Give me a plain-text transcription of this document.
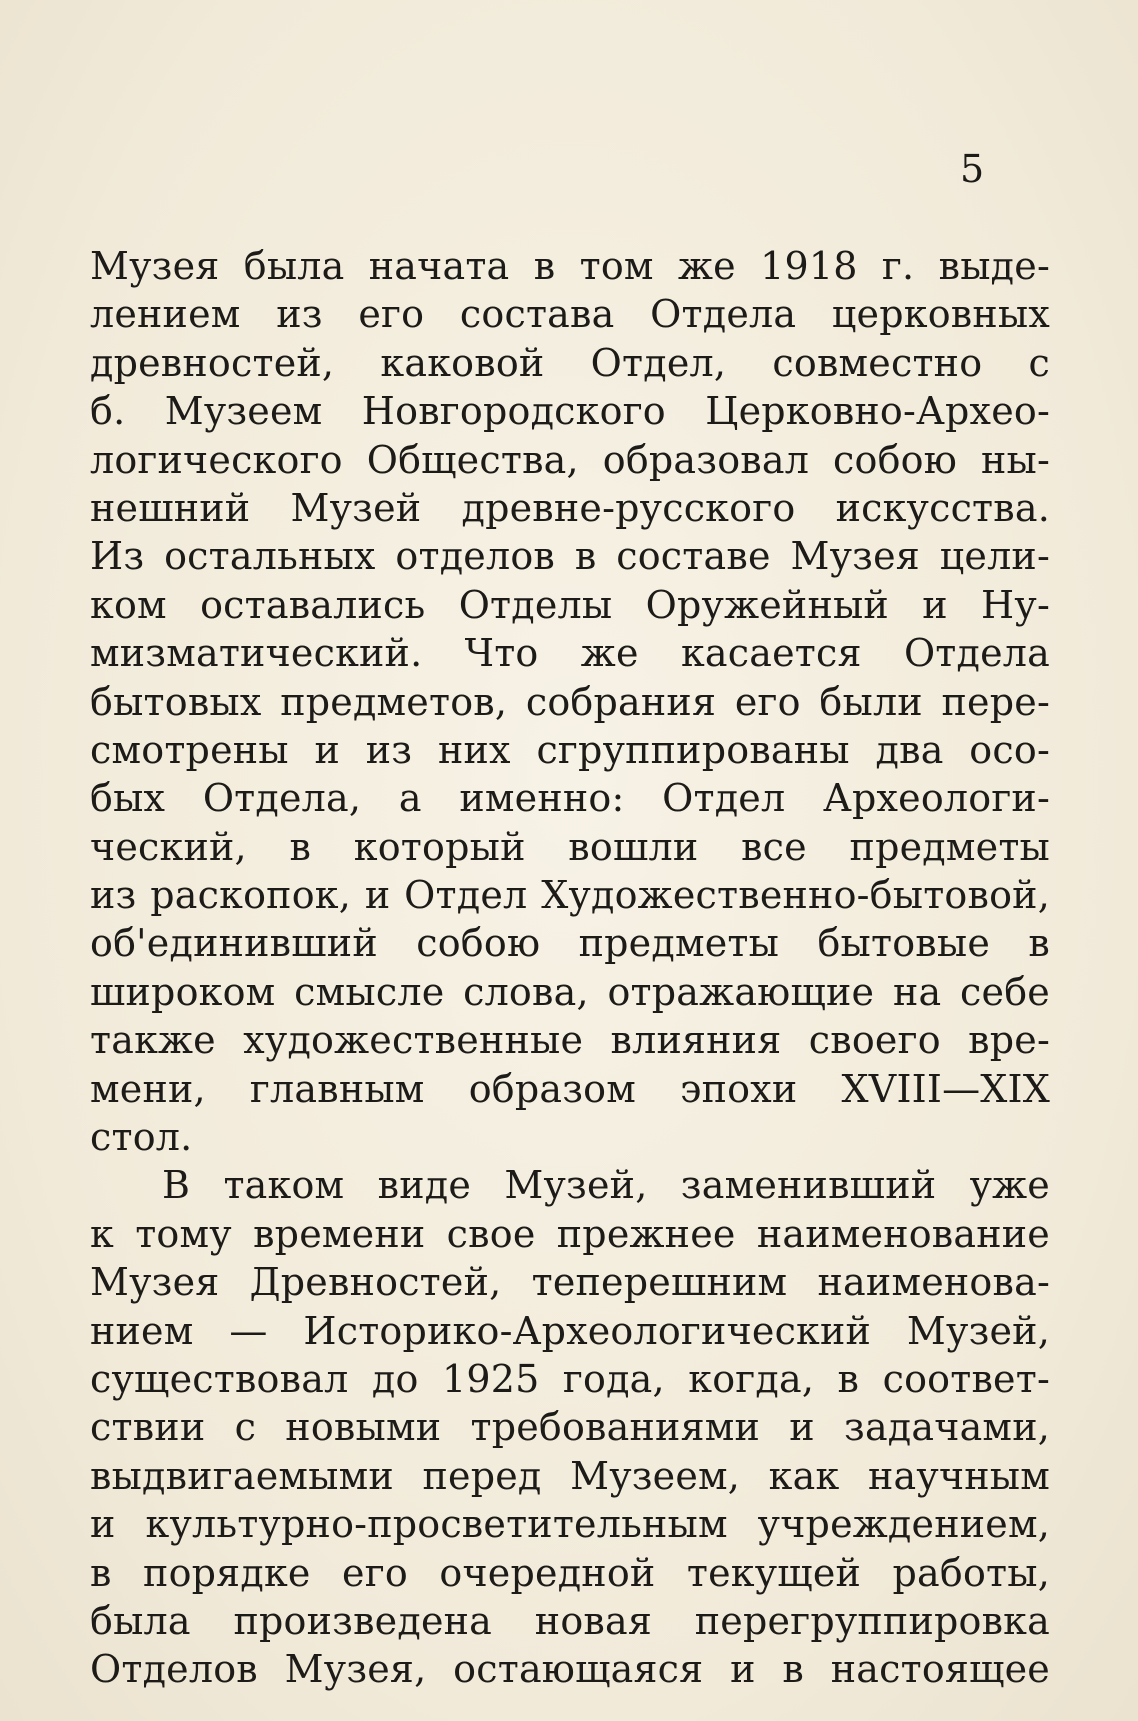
5
Музея была начата в том же 1918 г. выде-
лением из его состава Отдела церковных
древностей, каковой Отдел, совместно с
б. Музеем Новгородского Церковно-Архео-
логического Общества, образовал собою ны-
нешний Музей древне-русского искусства.
Из остальных отделов в составе Музея цели-
ком оставались Отделы Оружейный и Ну-
мизматический. Что же касается Отдела
бытовых предметов, собрания его были пере-
смотрены и из них сгруппированы два осо-
бых Отдела, а именно: Отдел Археологи-
ческий, в который вошли все предметы
из раскопок, и Отдел Художественно-бытовой,
об'единивший собою предметы бытовые в
широком смысле слова, отражающие на себе
также художественные влияния своего вре-
мени, главным образом эпохи XVIII—XIX
стол.
В таком виде Музей, заменивший уже
к тому времени свое прежнее наименование
Музея Древностей, теперешним наименова-
нием — Историко-Археологический Музей,
существовал до 1925 года, когда, в соответ-
ствии с новыми требованиями и задачами,
выдвигаемыми перед Музеем, как научным
и культурно-просветительным учреждением,
в порядке его очередной текущей работы,
была произведена новая перегруппировка
Отделов Музея, остающаяся и в настоящее
